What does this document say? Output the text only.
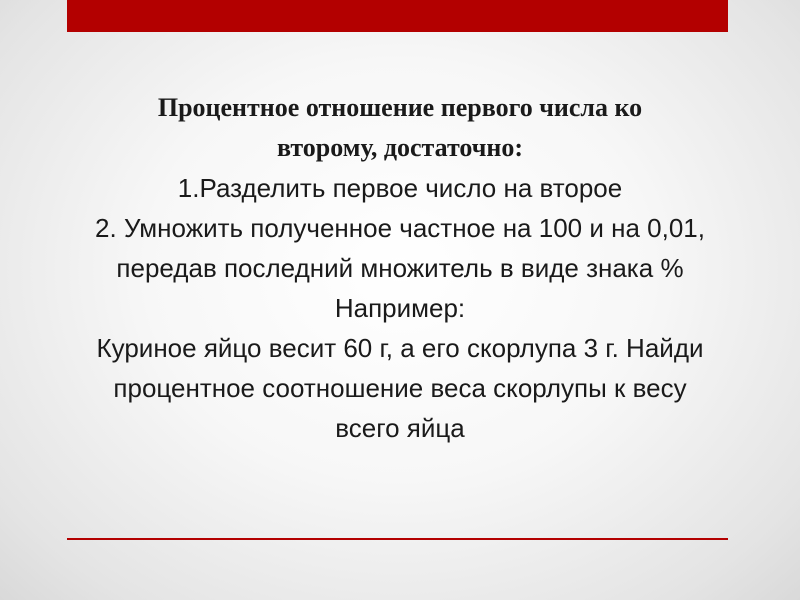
Процентное отношение первого числа ко
второму, достаточно:
1.Разделить первое число на второе
2. Умножить полученное частное на 100 и на 0,01,
передав последний множитель в виде знака %
Например:
Куриное яйцо весит 60 г, а его скорлупа 3 г. Найди
процентное соотношение веса скорлупы к весу
всего яйца
